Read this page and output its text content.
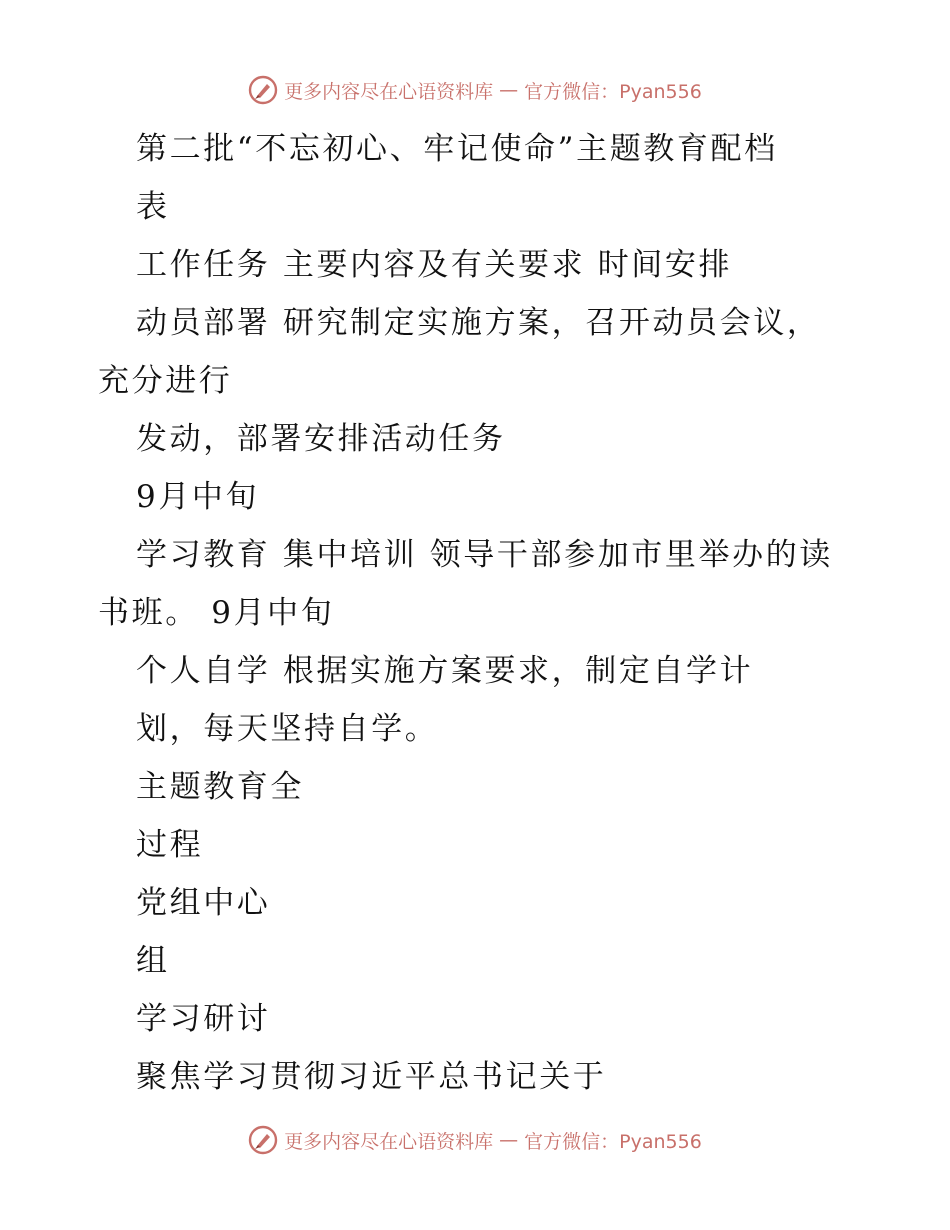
更多内容尽在心语资料库 — 官方微信：Pyan556
第二批“不忘初心、牢记使命”主题教育配档
表
工作任务 主要内容及有关要求 时间安排
动员部署 研究制定实施方案，召开动员会议，
充分进行
发动，部署安排活动任务
9月中旬
学习教育 集中培训 领导干部参加市里举办的读
书班。 9月中旬
个人自学 根据实施方案要求，制定自学计
划，每天坚持自学。
主题教育全
过程
党组中心
组
学习研讨
聚焦学习贯彻习近平总书记关于
更多内容尽在心语资料库 — 官方微信：Pyan556
